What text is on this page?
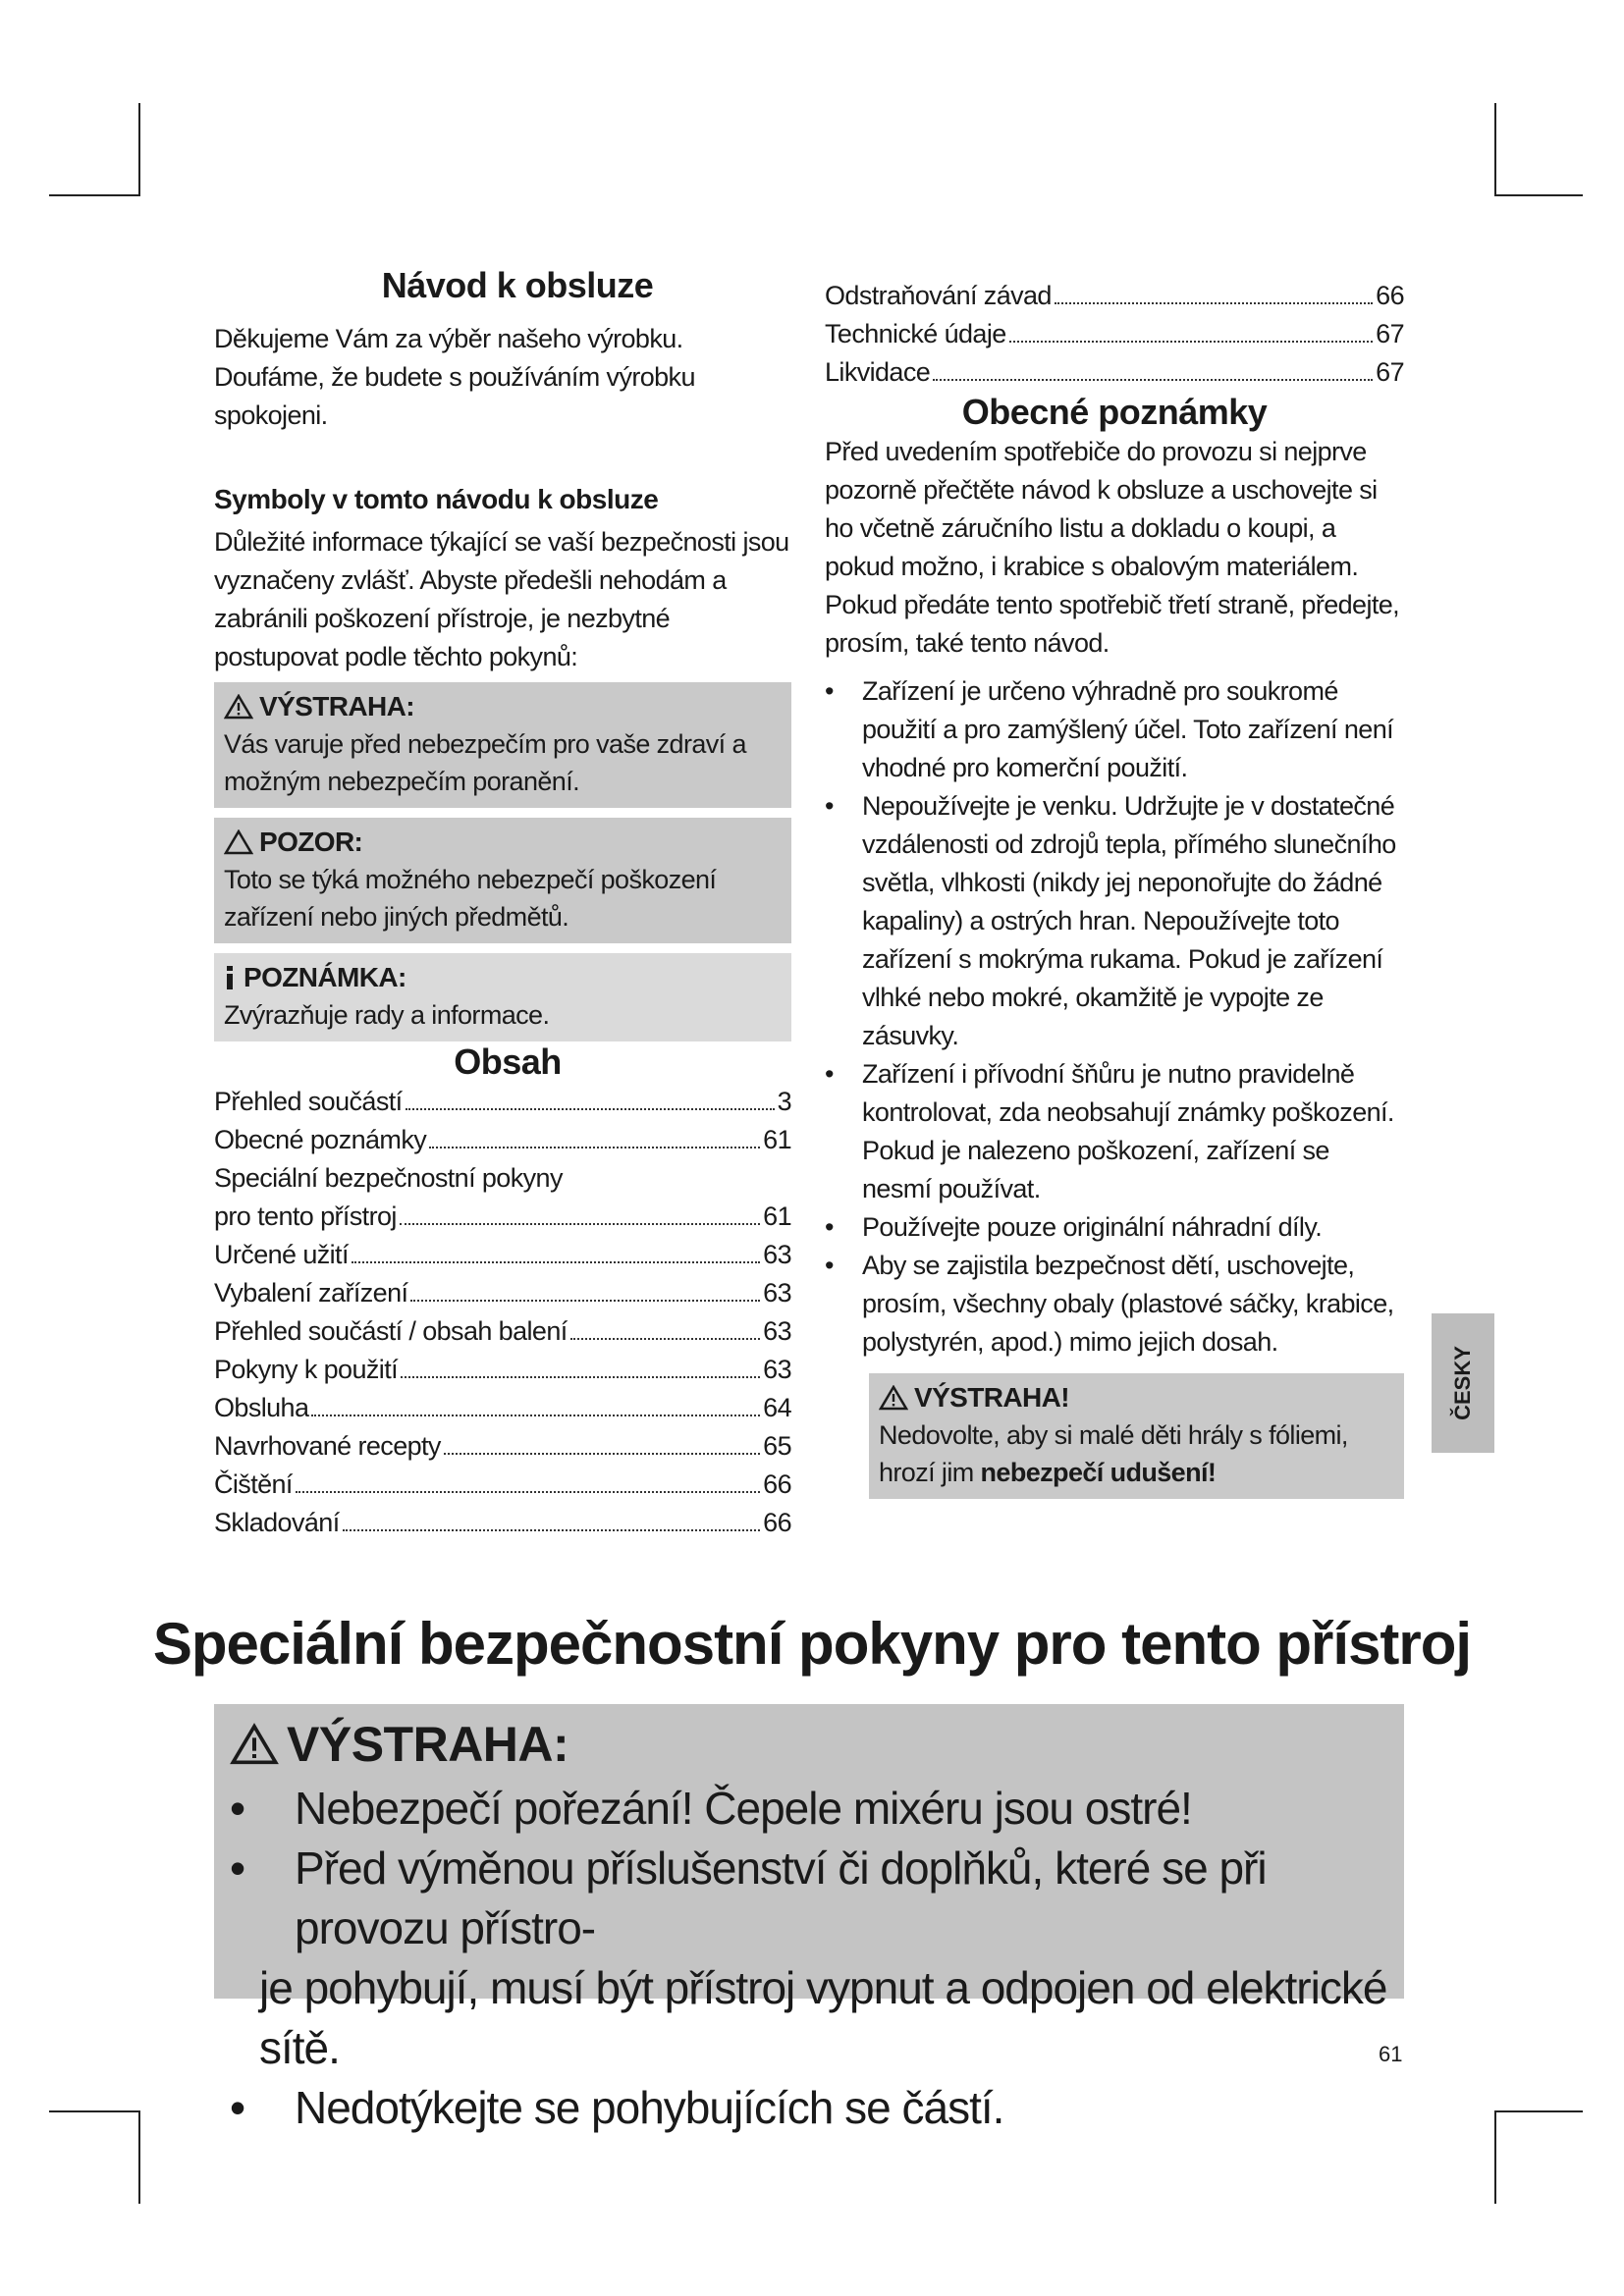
Návod k obsluze

Děkujeme Vám za výběr našeho výrobku. Doufáme, že budete s používáním výrobku spokojeni.

Symboly v tomto návodu k obsluze

Důležité informace týkající se vaší bezpečnosti jsou vyznačeny zvlášť. Abyste předešli nehodám a zabránili poškození přístroje, je nezbytné postupovat podle těchto pokynů:

VÝSTRAHA:
Vás varuje před nebezpečím pro vaše zdraví a možným nebezpečím poranění.
POZOR:
Toto se týká možného nebezpečí poškození zařízení nebo jiných předmětů.
POZNÁMKA:
Zvýrazňuje rady a informace.
Obsah
Přehled součástí	3
Obecné poznámky	61
Speciální bezpečnostní pokyny
pro tento přístroj	61
Určené užití	63
Vybalení zařízení	63
Přehled součástí / obsah balení	63
Pokyny k použití	63
Obsluha	64
Navrhované recepty	65
Čištění	66
Skladování	66
Odstraňování závad	66
Technické údaje	67
Likvidace	67
Obecné poznámky

Před uvedením spotřebiče do provozu si nejprve pozorně přečtěte návod k obsluze a uschovejte si ho včetně záručního listu a dokladu o koupi, a pokud možno, i krabice s obalovým materiálem. Pokud předáte tento spotřebič třetí straně, předejte, prosím, také tento návod.

• Zařízení je určeno výhradně pro soukromé použití a pro zamýšlený účel. Toto zařízení není vhodné pro komerční použití.
• Nepoužívejte je venku. Udržujte je v dostatečné vzdálenosti od zdrojů tepla, přímého slunečního světla, vlhkosti (nikdy jej neponořujte do žádné kapaliny) a ostrých hran. Nepoužívejte toto zařízení s mokrýma rukama. Pokud je zařízení vlhké nebo mokré, okamžitě je vypojte ze zásuvky.
• Zařízení i přívodní šňůru je nutno pravidelně kontrolovat, zda neobsahují známky poškození. Pokud je nalezeno poškození, zařízení se nesmí používat.
• Používejte pouze originální náhradní díly.
• Aby se zajistila bezpečnost dětí, uschovejte, prosím, všechny obaly (plastové sáčky, krabice, polystyrén, apod.) mimo jejich dosah.
VÝSTRAHA!
Nedovolte, aby si malé děti hrály s fóliemi, hrozí jim nebezpečí udušení!
ČESKY
Speciální bezpečnostní pokyny pro tento přístroj
VÝSTRAHA:
• Nebezpečí pořezání! Čepele mixéru jsou ostré!
• Před výměnou příslušenství či doplňků, které se při provozu přístro-
je pohybují, musí být přístroj vypnut a odpojen od elektrické sítě.
• Nedotýkejte se pohybujících se částí.
61
